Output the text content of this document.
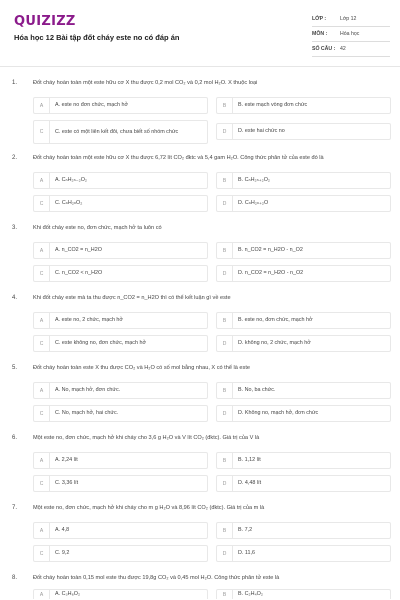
QUIZIZZ
Hóa học 12 Bài tập đốt cháy este no có đáp án
LỚP :	Lớp 12
MÔN :	Hóa học
SỐ CÂU : 42
1.	Đốt cháy hoàn toàn một este hữu cơ X thu được 0,2 mol CO₂ và 0,2 mol H₂O. X thuộc loại
A	A. este no đơn chức, mạch hở	B	B. este mạch vòng đơn chức
C	C. este có một liên kết đôi, chưa biết số nhóm chức	D	D. este hai chức no
2.	Đốt cháy hoàn toàn một este hữu cơ X thu được 6,72 lít CO₂ đktc và 5,4 gam H₂O. Công thức phân tử của este đó là
A	A. CₙH₂ₙ₋₂O₂	B	B. CₙH₂ₙ₊₂O₂
C	C. CₙH₂ₙO₂	D	D. CₙH₂ₙ₊₂O
3.	Khi đốt cháy este no, đơn chức, mạch hở ta luôn có
A	A. n_CO2 = n_H2O	B	B. n_CO2 = n_H2O - n_O2
C	C. n_CO2 < n_H2O	D	D. n_CO2 = n_H2O - n_O2
4.	Khi đốt cháy este mà ta thu được n_CO2 = n_H2O thì có thể kết luận gì về este
A	A. este no, 2 chức, mạch hở	B	B. este no, đơn chức, mạch hở
C	C. este không no, đơn chức, mạch hở	D	D. không no, 2 chức, mạch hở
5.	Đốt cháy hoàn toàn este X thu được CO₂ và H₂O có số mol bằng nhau, X có thể là este
A	A. No, mạch hở, đơn chức.	B	B. No, ba chức.
C	C. No, mạch hở, hai chức.	D	D. Không no, mạch hở, đơn chức
6.	Một este no, đơn chức, mạch hở khi cháy cho 3,6 g H₂O và V lít CO₂ (đktc). Giá trị của V là
A	A. 2,24 lít	B	B. 1,12 lít
C	C. 3,36 lít	D	D. 4,48 lít
7.	Một este no, đơn chức, mạch hở khi cháy cho m g H₂O và 8,96 lít CO₂ (đktc). Giá trị của m là
A	A. 4,8	B	B. 7,2
C	C. 9,2	D	D. 11,6
8.	Đốt cháy hoàn toàn 0,15 mol este thu được 19,8g CO₂ và 0,45 mol H₂O. Công thức phân tử este là
A	A. C₃H₆O₂	B	B. C₂H₄O₂
